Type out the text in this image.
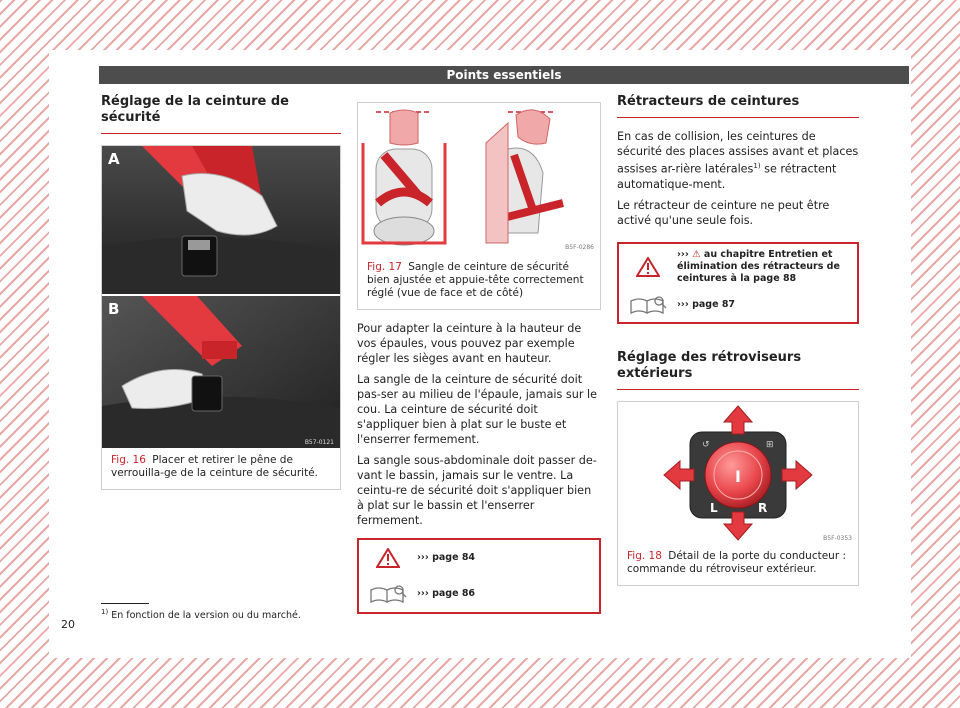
Points essentiels
Réglage de la ceinture de sécurité
A
B
B57-0121
Fig. 16 Placer et retirer le pêne de verrouilla-ge de la ceinture de sécurité.
B5F-0286
Fig. 17 Sangle de ceinture de sécurité bien ajustée et appuie-tête correctement réglé (vue de face et de côté)

Pour adapter la ceinture à la hauteur de vos épaules, vous pouvez par exemple régler les sièges avant en hauteur.

La sangle de la ceinture de sécurité doit pas-ser au milieu de l'épaule, jamais sur le cou. La ceinture de sécurité doit s'appliquer bien à plat sur le buste et l'enserrer fermement.

La sangle sous-abdominale doit passer de-vant le bassin, jamais sur le ventre. La ceintu-re de sécurité doit s'appliquer bien à plat sur le bassin et l'enserrer fermement.

››› page 84
››› page 86
Rétracteurs de ceintures

En cas de collision, les ceintures de sécurité des places assises avant et places assises ar-rière latérales$^{1)}$ se rétractent automatique-ment.

Le rétracteur de ceinture ne peut être activé qu'une seule fois.

››› ⚠ au chapitre Entretien et élimination des rétracteurs de ceintures à la page 88
››› page 87
Réglage des rétroviseurs extérieurs
↺	⊞
I
L	R
B5F-0353
Fig. 18 Détail de la porte du conducteur : commande du rétroviseur extérieur.
$^{1)}$ En fonction de la version ou du marché.
20
